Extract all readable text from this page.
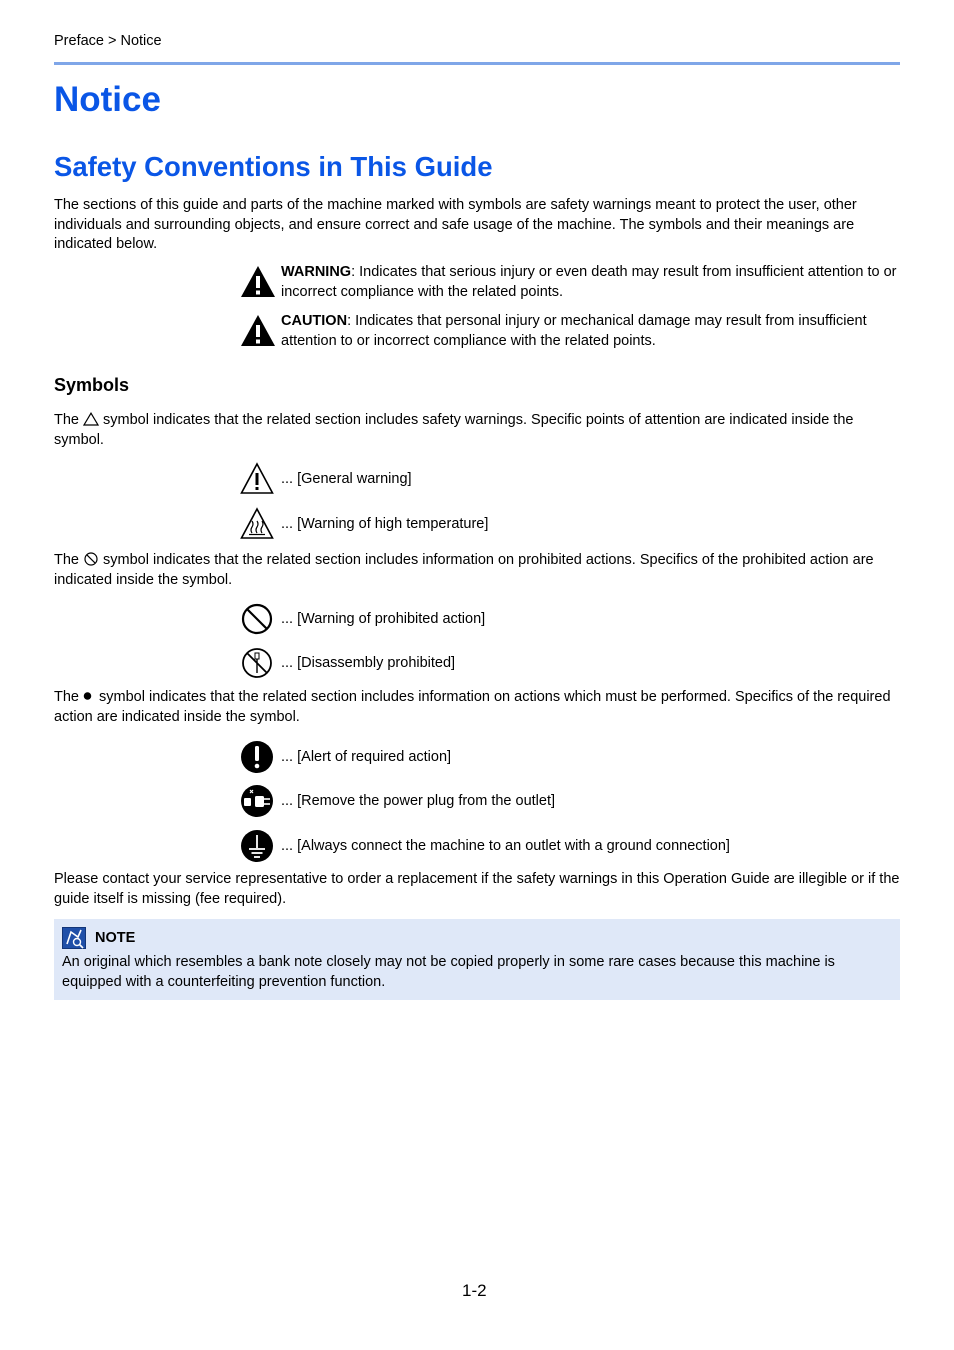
Preface > Notice
Notice
Safety Conventions in This Guide

The sections of this guide and parts of the machine marked with symbols are safety warnings meant to protect the user, other individuals and surrounding objects, and ensure correct and safe usage of the machine. The symbols and their meanings are indicated below.

WARNING: Indicates that serious injury or even death may result from insufficient attention to or incorrect compliance with the related points.
CAUTION: Indicates that personal injury or mechanical damage may result from insufficient attention to or incorrect compliance with the related points.
Symbols

The  symbol indicates that the related section includes safety warnings. Specific points of attention are indicated inside the symbol.

... [General warning]
... [Warning of high temperature]

The  symbol indicates that the related section includes information on prohibited actions. Specifics of the prohibited action are indicated inside the symbol.

... [Warning of prohibited action]
... [Disassembly prohibited]

The  symbol indicates that the related section includes information on actions which must be performed. Specifics of the required action are indicated inside the symbol.

... [Alert of required action]
... [Remove the power plug from the outlet]
... [Always connect the machine to an outlet with a ground connection]

Please contact your service representative to order a replacement if the safety warnings in this Operation Guide are illegible or if the guide itself is missing (fee required).

NOTE

An original which resembles a bank note closely may not be copied properly in some rare cases because this machine is equipped with a counterfeiting prevention function.

1-2
